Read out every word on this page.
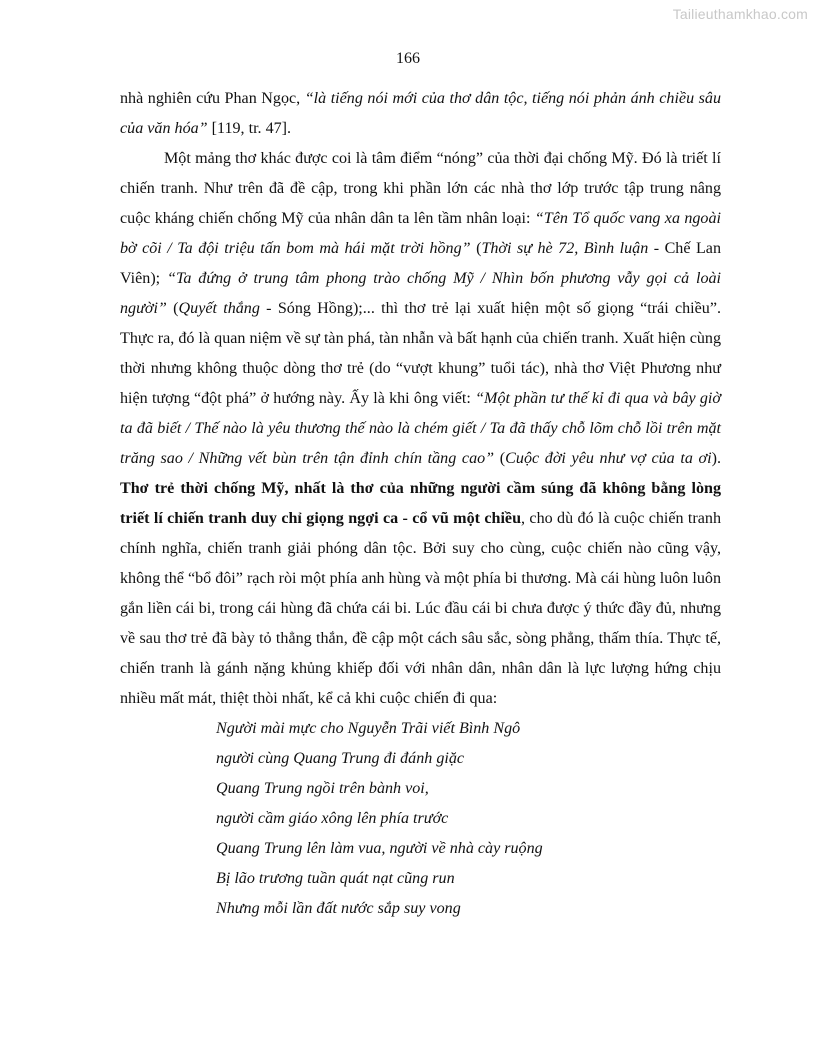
Tailieuthamkhao.com
166

nhà nghiên cứu Phan Ngọc, “là tiếng nói mới của thơ dân tộc, tiếng nói phản ánh chiều sâu của văn hóa” [119, tr. 47].

Một mảng thơ khác được coi là tâm điểm “nóng” của thời đại chống Mỹ. Đó là triết lí chiến tranh. Như trên đã đề cập, trong khi phần lớn các nhà thơ lớp trước tập trung nâng cuộc kháng chiến chống Mỹ của nhân dân ta lên tầm nhân loại: “Tên Tổ quốc vang xa ngoài bờ cõi / Ta đội triệu tấn bom mà hái mặt trời hồng” (Thời sự hè 72, Bình luận - Chế Lan Viên); “Ta đứng ở trung tâm phong trào chống Mỹ / Nhìn bốn phương vẫy gọi cả loài người” (Quyết thắng - Sóng Hồng);... thì thơ trẻ lại xuất hiện một số giọng “trái chiều”. Thực ra, đó là quan niệm về sự tàn phá, tàn nhẫn và bất hạnh của chiến tranh. Xuất hiện cùng thời nhưng không thuộc dòng thơ trẻ (do “vượt khung” tuổi tác), nhà thơ Việt Phương như hiện tượng “đột phá” ở hướng này. Ấy là khi ông viết: “Một phần tư thế kỉ đi qua và bây giờ ta đã biết / Thế nào là yêu thương thế nào là chém giết / Ta đã thấy chỗ lõm chỗ lồi trên mặt trăng sao / Những vết bùn trên tận đỉnh chín tầng cao” (Cuộc đời yêu như vợ của ta ơi). Thơ trẻ thời chống Mỹ, nhất là thơ của những người cầm súng đã không bằng lòng triết lí chiến tranh duy chỉ giọng ngợi ca - cổ vũ một chiều, cho dù đó là cuộc chiến tranh chính nghĩa, chiến tranh giải phóng dân tộc. Bởi suy cho cùng, cuộc chiến nào cũng vậy, không thể “bổ đôi” rạch ròi một phía anh hùng và một phía bi thương. Mà cái hùng luôn luôn gắn liền cái bi, trong cái hùng đã chứa cái bi. Lúc đầu cái bi chưa được ý thức đầy đủ, nhưng về sau thơ trẻ đã bày tỏ thẳng thắn, đề cập một cách sâu sắc, sòng phẳng, thấm thía. Thực tế, chiến tranh là gánh nặng khủng khiếp đối với nhân dân, nhân dân là lực lượng hứng chịu nhiều mất mát, thiệt thòi nhất, kể cả khi cuộc chiến đi qua:

Người mài mực cho Nguyễn Trãi viết Bình Ngô
người cùng Quang Trung đi đánh giặc
Quang Trung ngồi trên bành voi,
người cầm giáo xông lên phía trước
Quang Trung lên làm vua, người về nhà cày ruộng
Bị lão trương tuần quát nạt cũng run
Nhưng mỗi lần đất nước sắp suy vong
